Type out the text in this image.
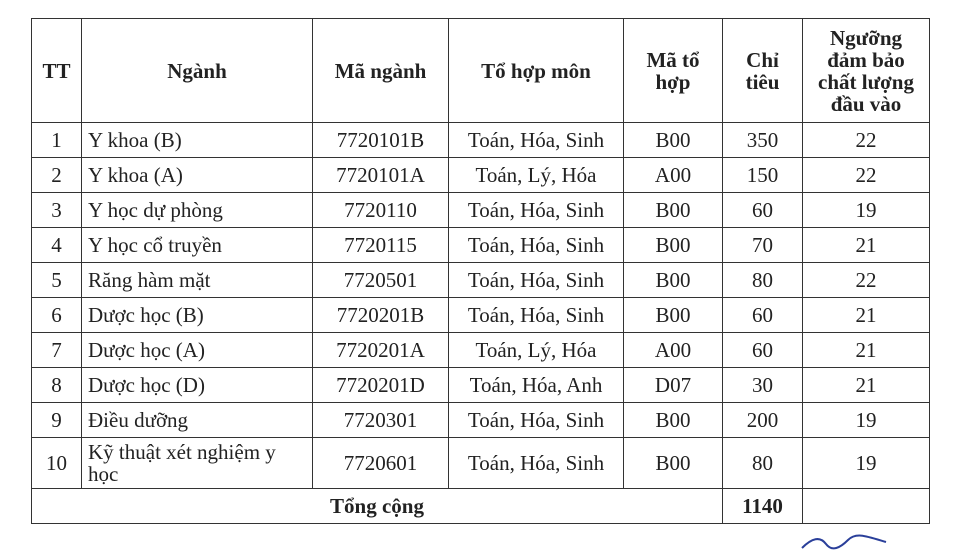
TT	Ngành	Mã ngành	Tổ hợp môn	Mã tổ hợp	Chỉ tiêu	Ngưỡng đảm bảo chất lượng đầu vào
1	Y khoa (B)	7720101B	Toán, Hóa, Sinh	B00	350	22
2	Y khoa (A)	7720101A	Toán, Lý, Hóa	A00	150	22
3	Y học dự phòng	7720110	Toán, Hóa, Sinh	B00	60	19
4	Y học cổ truyền	7720115	Toán, Hóa, Sinh	B00	70	21
5	Răng hàm mặt	7720501	Toán, Hóa, Sinh	B00	80	22
6	Dược học (B)	7720201B	Toán, Hóa, Sinh	B00	60	21
7	Dược học (A)	7720201A	Toán, Lý, Hóa	A00	60	21
8	Dược học (D)	7720201D	Toán, Hóa, Anh	D07	30	21
9	Điều dưỡng	7720301	Toán, Hóa, Sinh	B00	200	19
10	Kỹ thuật xét nghiệm y học	7720601	Toán, Hóa, Sinh	B00	80	19
Tổng cộng					1140	
